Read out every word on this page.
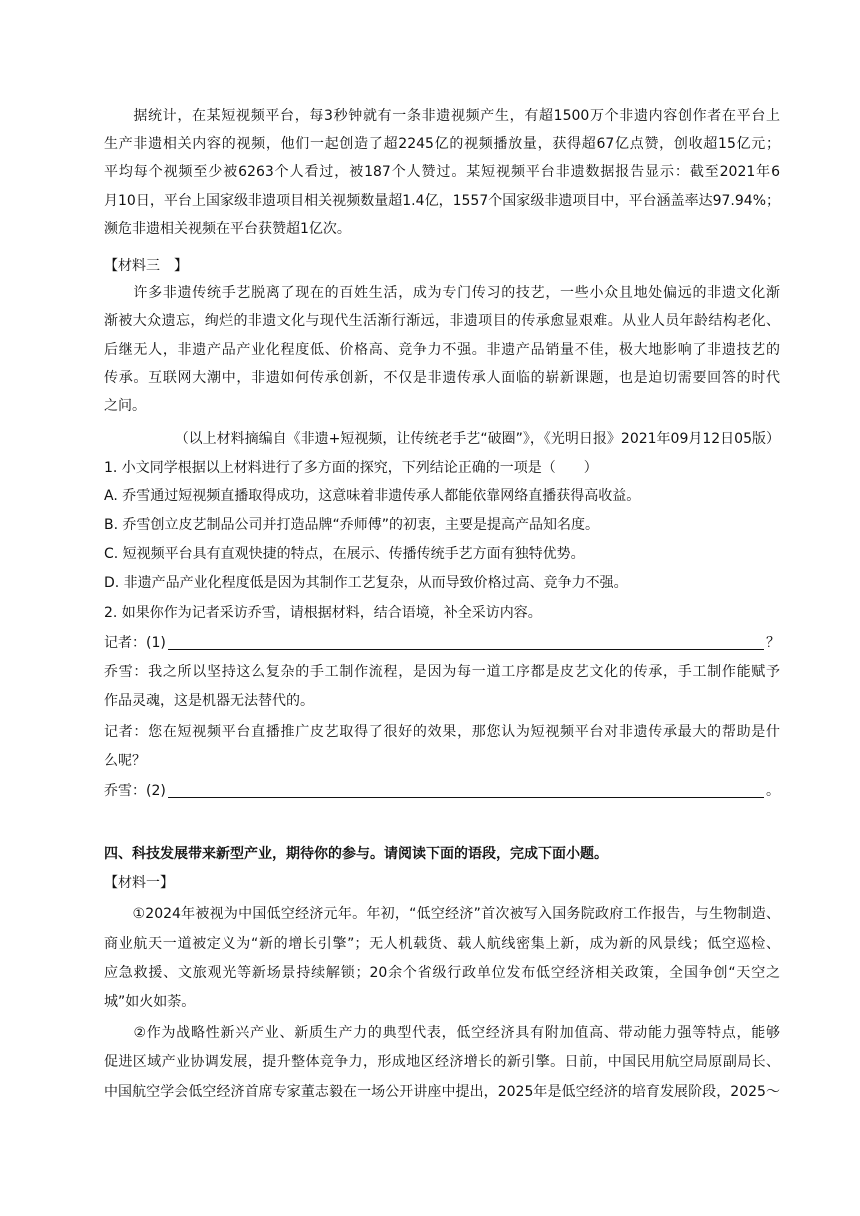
　　据统计，在某短视频平台，每3秒钟就有一条非遗视频产生，有超1500万个非遗内容创作者在平台上
生产非遗相关内容的视频，他们一起创造了超2245亿的视频播放量，获得超67亿点赞，创收超15亿元；
平均每个视频至少被6263个人看过，被187个人赞过。某短视频平台非遗数据报告显示：截至2021年6
月10日，平台上国家级非遗项目相关视频数量超1.4亿，1557个国家级非遗项目中，平台涵盖率达97.94%；
濒危非遗相关视频在平台获赞超1亿次。
【材料三　】
　　许多非遗传统手艺脱离了现在的百姓生活，成为专门传习的技艺，一些小众且地处偏远的非遗文化渐
渐被大众遗忘，绚烂的非遗文化与现代生活渐行渐远，非遗项目的传承愈显艰难。从业人员年龄结构老化、
后继无人，非遗产品产业化程度低、价格高、竞争力不强。非遗产品销量不佳，极大地影响了非遗技艺的
传承。互联网大潮中，非遗如何传承创新，不仅是非遗传承人面临的崭新课题，也是迫切需要回答的时代
之问。
（以上材料摘编自《非遗+短视频，让传统老手艺“破圈”》，《光明日报》2021年09月12日05版）
1. 小文同学根据以上材料进行了多方面的探究，下列结论正确的一项是（　　）
A. 乔雪通过短视频直播取得成功，这意味着非遗传承人都能依靠网络直播获得高收益。
B. 乔雪创立皮艺制品公司并打造品牌“乔师傅”的初衷，主要是提高产品知名度。
C. 短视频平台具有直观快捷的特点，在展示、传播传统手艺方面有独特优势。
D. 非遗产品产业化程度低是因为其制作工艺复杂，从而导致价格过高、竞争力不强。
2. 如果你作为记者采访乔雪，请根据材料，结合语境，补全采访内容。
记者：(1)	？
乔雪：我之所以坚持这么复杂的手工制作流程，是因为每一道工序都是皮艺文化的传承，手工制作能赋予
作品灵魂，这是机器无法替代的。
记者：您在短视频平台直播推广皮艺取得了很好的效果，那您认为短视频平台对非遗传承最大的帮助是什
么呢？
乔雪：(2)	。
四、科技发展带来新型产业，期待你的参与。请阅读下面的语段，完成下面小题。
【材料一】
　　①2024年被视为中国低空经济元年。年初，“低空经济”首次被写入国务院政府工作报告，与生物制造、
商业航天一道被定义为“新的增长引擎”；无人机载货、载人航线密集上新，成为新的风景线；低空巡检、
应急救援、文旅观光等新场景持续解锁；20余个省级行政单位发布低空经济相关政策，全国争创“天空之
城”如火如荼。
　　②作为战略性新兴产业、新质生产力的典型代表，低空经济具有附加值高、带动能力强等特点，能够
促进区域产业协调发展，提升整体竞争力，形成地区经济增长的新引擎。日前，中国民用航空局原副局长、
中国航空学会低空经济首席专家董志毅在一场公开讲座中提出，2025年是低空经济的培育发展阶段，2025～
